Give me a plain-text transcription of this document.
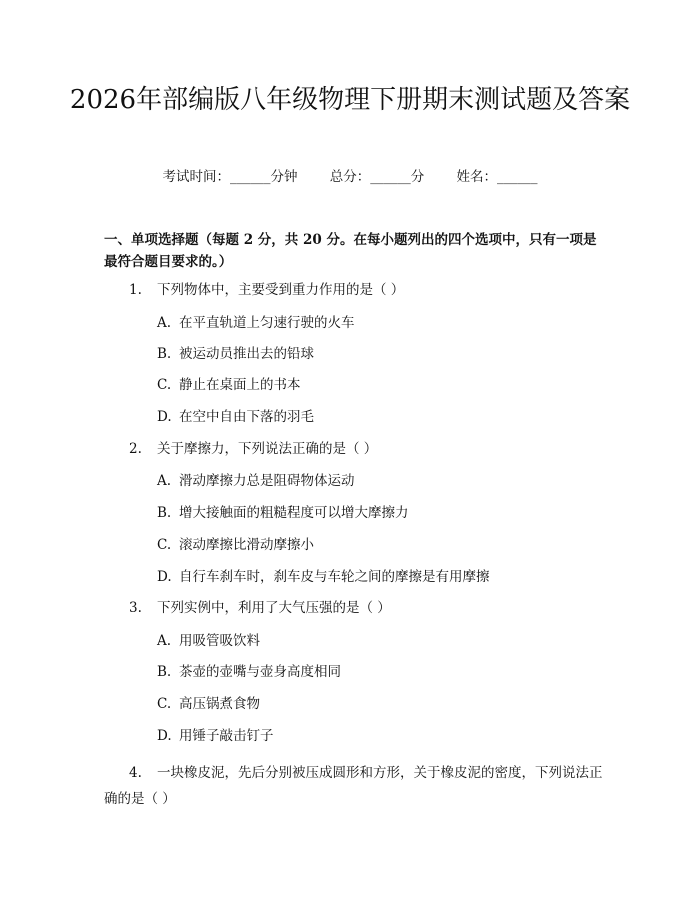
2026年部编版八年级物理下册期末测试题及答案
考试时间：______分钟 总分：______分 姓名：______

一、单项选择题（每题 2 分，共 20 分。在每小题列出的四个选项中，只有一项是最符合题目要求的。）

1. 下列物体中，主要受到重力作用的是（ ）
A. 在平直轨道上匀速行驶的火车
B. 被运动员推出去的铅球
C. 静止在桌面上的书本
D. 在空中自由下落的羽毛
2. 关于摩擦力，下列说法正确的是（ ）
A. 滑动摩擦力总是阻碍物体运动
B. 增大接触面的粗糙程度可以增大摩擦力
C. 滚动摩擦比滑动摩擦小
D. 自行车刹车时，刹车皮与车轮之间的摩擦是有用摩擦
3. 下列实例中，利用了大气压强的是（ ）
A. 用吸管吸饮料
B. 茶壶的壶嘴与壶身高度相同
C. 高压锅煮食物
D. 用锤子敲击钉子

4. 一块橡皮泥，先后分别被压成圆形和方形，关于橡皮泥的密度，下列说法正确的是（ ）
